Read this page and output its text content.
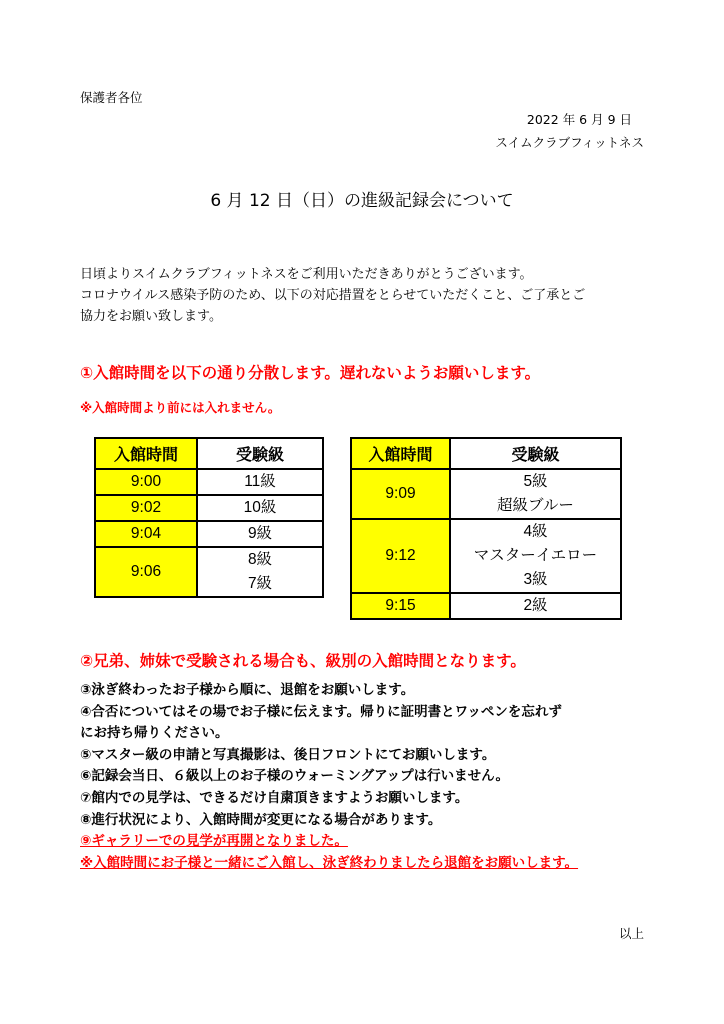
保護者各位
2022 年 6 月 9 日
スイムクラブフィットネス
6 月 12 日（日）の進級記録会について
日頃よりスイムクラブフィットネスをご利用いただきありがとうございます。
コロナウイルス感染予防のため、以下の対応措置をとらせていただくこと、ご了承とご
協力をお願い致します。
①入館時間を以下の通り分散します。遅れないようお願いします。
※入館時間より前には入れません。
入館時間	受験級
9:00	11級

9:02	10級

9:04	9級

9:06	8級
7級
入館時間	受験級
9:09	5級
超級ブルー

9:12	4級
マスターイエロー
3級

9:15	2級
②兄弟、姉妹で受験される場合も、級別の入館時間となります。
③泳ぎ終わったお子様から順に、退館をお願いします。
④合否についてはその場でお子様に伝えます。帰りに証明書とワッペンを忘れず
にお持ち帰りください。
⑤マスター級の申請と写真撮影は、後日フロントにてお願いします。
⑥記録会当日、６級以上のお子様のウォーミングアップは行いません。
⑦館内での見学は、できるだけ自粛頂きますようお願いします。
⑧進行状況により、入館時間が変更になる場合があります。
⑨ギャラリーでの見学が再開となりました。
※入館時間にお子様と一緒にご入館し、泳ぎ終わりましたら退館をお願いします。
以上
